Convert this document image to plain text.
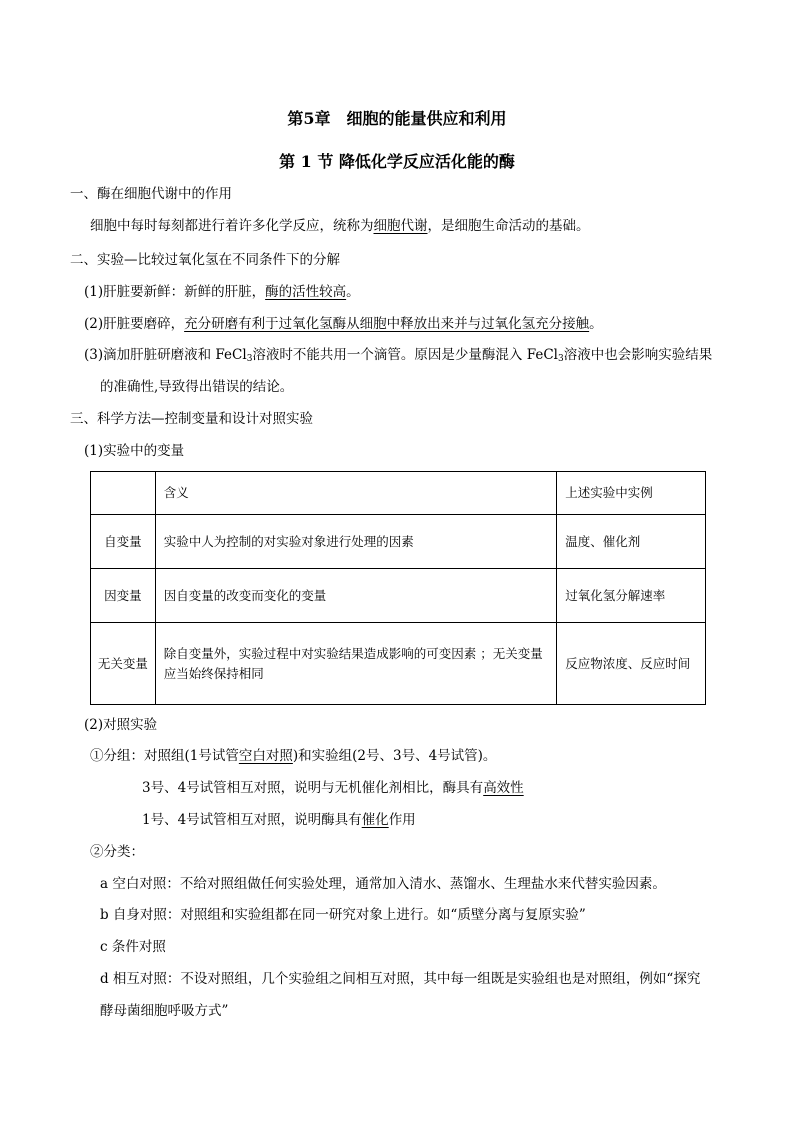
第5章　细胞的能量供应和利用
第 1 节 降低化学反应活化能的酶
一、酶在细胞代谢中的作用
细胞中每时每刻都进行着许多化学反应，统称为细胞代谢，是细胞生命活动的基础。
二、实验—比较过氧化氢在不同条件下的分解
(1)肝脏要新鲜：新鲜的肝脏，酶的活性较高。
(2)肝脏要磨碎，充分研磨有利于过氧化氢酶从细胞中释放出来并与过氧化氢充分接触。
(3)滴加肝脏研磨液和 FeCl$_3$溶液时不能共用一个滴管。原因是少量酶混入 FeCl$_3$溶液中也会影响实验结果
的准确性,导致得出错误的结论。
三、科学方法—控制变量和设计对照实验
(1)实验中的变量
	含义	上述实验中实例
自变量	实验中人为控制的对实验对象进行处理的因素	温度、催化剂
因变量	因自变量的改变而变化的变量	过氧化氢分解速率
无关变量	除自变量外，实验过程中对实验结果造成影响的可变因素 ；无关变量应当始终保持相同	反应物浓度、反应时间
(2)对照实验
①分组：对照组(1号试管空白对照)和实验组(2号、3号、4号试管)。
3号、4号试管相互对照，说明与无机催化剂相比，酶具有高效性
1号、4号试管相互对照，说明酶具有催化作用
②分类：
a 空白对照：不给对照组做任何实验处理，通常加入清水、蒸馏水、生理盐水来代替实验因素。
b 自身对照：对照组和实验组都在同一研究对象上进行。如“质壁分离与复原实验”
c 条件对照
d 相互对照：不设对照组，几个实验组之间相互对照，其中每一组既是实验组也是对照组，例如“探究
酵母菌细胞呼吸方式”
